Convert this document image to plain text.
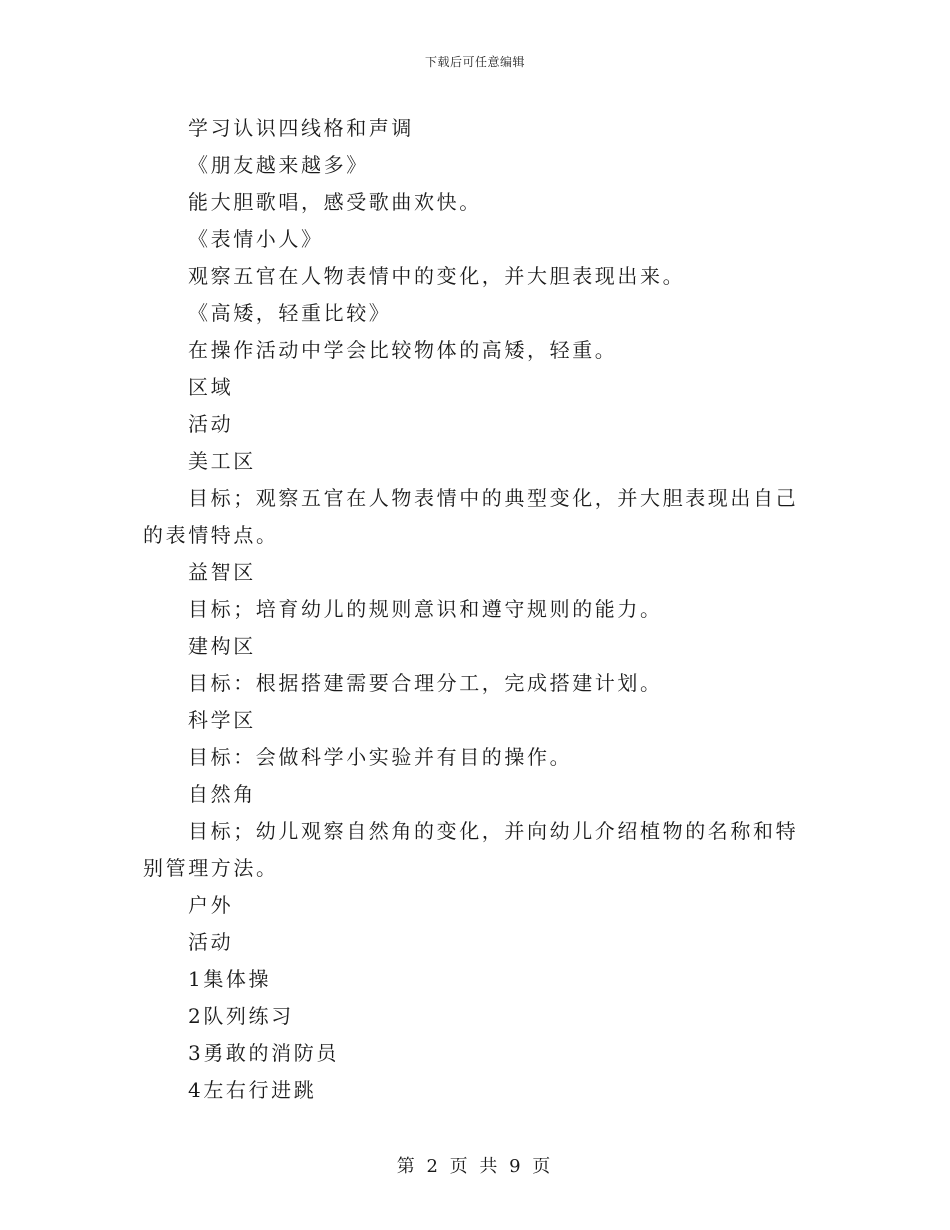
下载后可任意编辑

学习认识四线格和声调

《朋友越来越多》

能大胆歌唱，感受歌曲欢快。

《表情小人》

观察五官在人物表情中的变化，并大胆表现出来。

《高矮，轻重比较》

在操作活动中学会比较物体的高矮，轻重。

区域

活动

美工区

目标；观察五官在人物表情中的典型变化，并大胆表现出自己的表情特点。

益智区

目标；培育幼儿的规则意识和遵守规则的能力。

建构区

目标：根据搭建需要合理分工，完成搭建计划。

科学区

目标：会做科学小实验并有目的操作。

自然角

目标；幼儿观察自然角的变化，并向幼儿介绍植物的名称和特别管理方法。

户外

活动

1集体操

2队列练习

3勇敢的消防员

4左右行进跳

第 2 页 共 9 页
